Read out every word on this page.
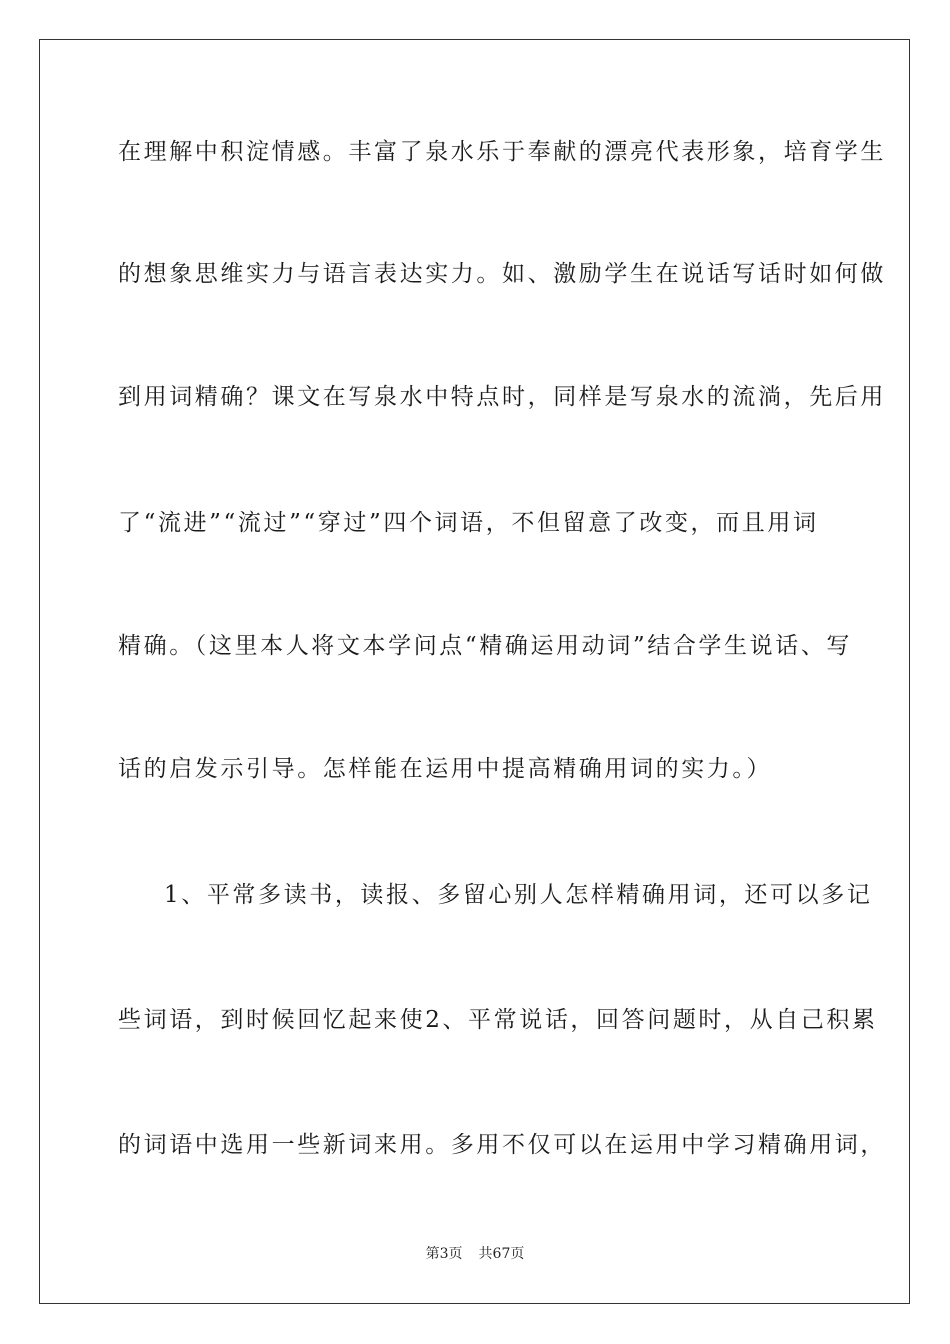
在理解中积淀情感。丰富了泉水乐于奉献的漂亮代表形象，培育学生
的想象思维实力与语言表达实力。如、激励学生在说话写话时如何做
到用词精确？课文在写泉水中特点时，同样是写泉水的流淌，先后用
了“流进”“流过”“穿过”四个词语，不但留意了改变，而且用词
精确。（这里本人将文本学问点“精确运用动词”结合学生说话、写
话的启发示引导。怎样能在运用中提高精确用词的实力。）
1、平常多读书，读报、多留心别人怎样精确用词，还可以多记
些词语，到时候回忆起来使2、平常说话，回答问题时，从自己积累
的词语中选用一些新词来用。多用不仅可以在运用中学习精确用词，
第3页 共67页
